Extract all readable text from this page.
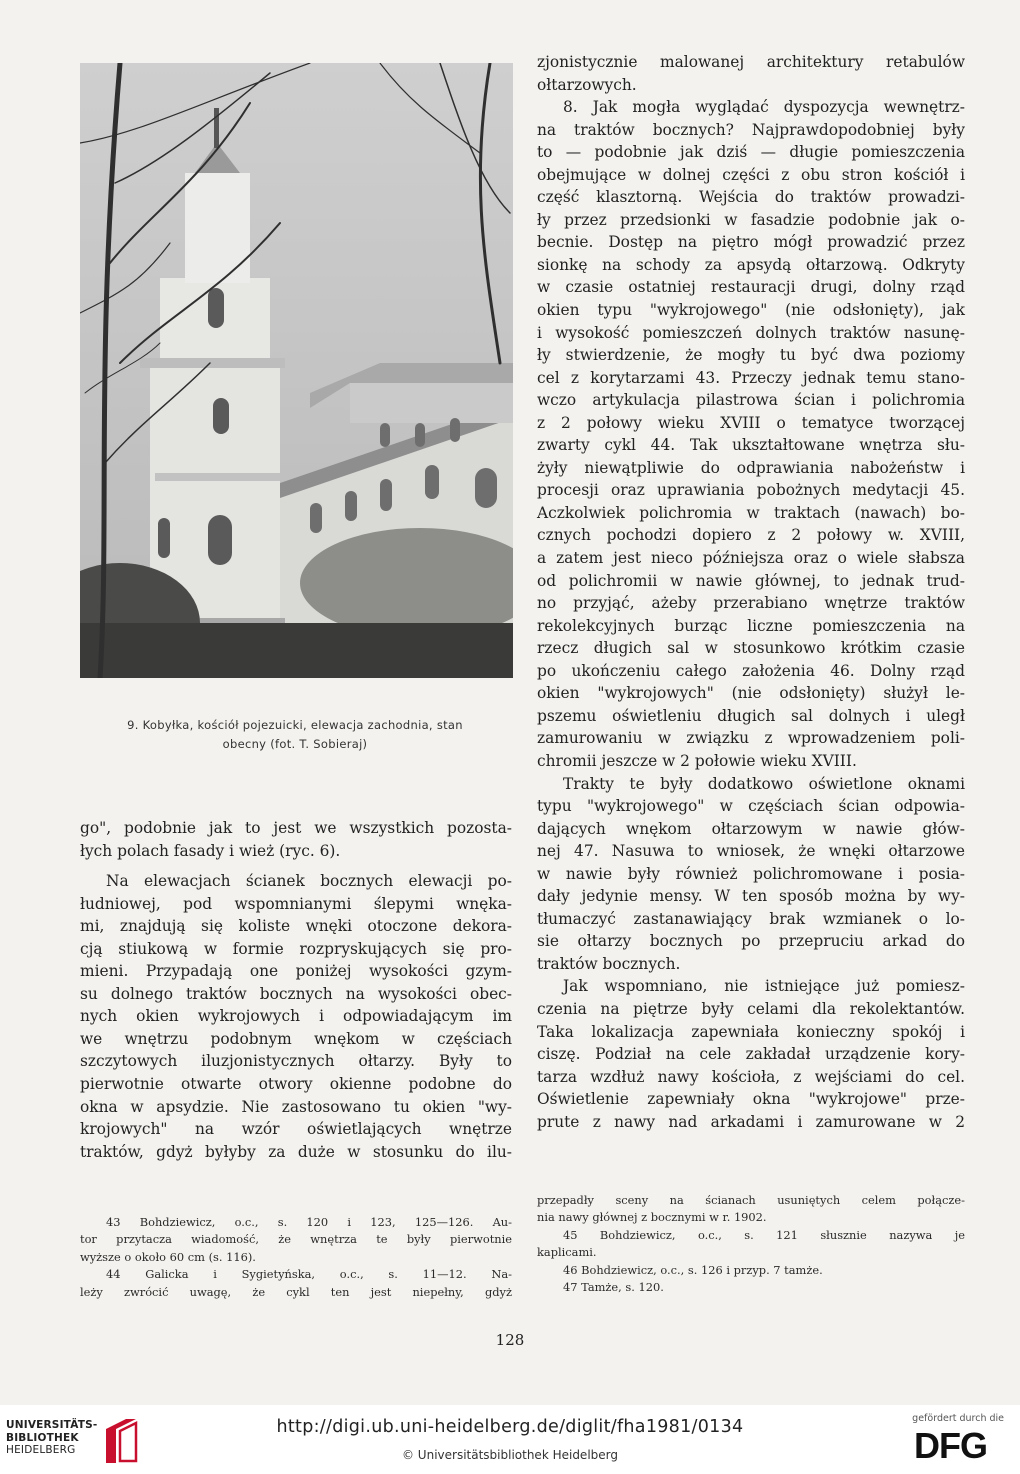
9. Kobyłka, kościół pojezuicki, elewacja zachodnia, stan
obecny (fot. T. Sobieraj)
go", podobnie jak to jest we wszystkich pozosta-
łych polach fasady i wież (ryc. 6).
Na elewacjach ścianek bocznych elewacji po-
łudniowej, pod wspomnianymi ślepymi wnęka-
mi, znajdują się koliste wnęki otoczone dekora-
cją stiukową w formie rozpryskujących się pro-
mieni. Przypadają one poniżej wysokości gzym-
su dolnego traktów bocznych na wysokości obec-
nych okien wykrojowych i odpowiadającym im
we wnętrzu podobnym wnękom w częściach
szczytowych iluzjonistycznych ołtarzy. Były to
pierwotnie otwarte otwory okienne podobne do
okna w apsydzie. Nie zastosowano tu okien "wy-
krojowych" na wzór oświetlających wnętrze
traktów, gdyż byłyby za duże w stosunku do ilu-
zjonistycznie malowanej architektury retabulów
ołtarzowych.
8. Jak mogła wyglądać dyspozycja wewnętrz-
na traktów bocznych? Najprawdopodobniej były
to — podobnie jak dziś — długie pomieszczenia
obejmujące w dolnej części z obu stron kościół i
część klasztorną. Wejścia do traktów prowadzi-
ły przez przedsionki w fasadzie podobnie jak o-
becnie. Dostęp na piętro mógł prowadzić przez
sionkę na schody za apsydą ołtarzową. Odkryty
w czasie ostatniej restauracji drugi, dolny rząd
okien typu "wykrojowego" (nie odsłonięty), jak
i wysokość pomieszczeń dolnych traktów nasunę-
ły stwierdzenie, że mogły tu być dwa poziomy
cel z korytarzami 43. Przeczy jednak temu stano-
wczo artykulacja pilastrowa ścian i polichromia
z 2 połowy wieku XVIII o tematyce tworzącej
zwarty cykl 44. Tak ukształtowane wnętrza słu-
żyły niewątpliwie do odprawiania nabożeństw i
procesji oraz uprawiania pobożnych medytacji 45.
Aczkolwiek polichromia w traktach (nawach) bo-
cznych pochodzi dopiero z 2 połowy w. XVIII,
a zatem jest nieco późniejsza oraz o wiele słabsza
od polichromii w nawie głównej, to jednak trud-
no przyjąć, ażeby przerabiano wnętrze traktów
rekolekcyjnych burząc liczne pomieszczenia na
rzecz długich sal w stosunkowo krótkim czasie
po ukończeniu całego założenia 46. Dolny rząd
okien "wykrojowych" (nie odsłonięty) służył le-
pszemu oświetleniu długich sal dolnych i uległ
zamurowaniu w związku z wprowadzeniem poli-
chromii jeszcze w 2 połowie wieku XVIII.
Trakty te były dodatkowo oświetlone oknami
typu "wykrojowego" w częściach ścian odpowia-
dających wnękom ołtarzowym w nawie głów-
nej 47. Nasuwa to wniosek, że wnęki ołtarzowe
w nawie były również polichromowane i posia-
dały jedynie mensy. W ten sposób można by wy-
tłumaczyć zastanawiający brak wzmianek o lo-
sie ołtarzy bocznych po przepruciu arkad do
traktów bocznych.
Jak wspomniano, nie istniejące już pomiesz-
czenia na piętrze były celami dla rekolektantów.
Taka lokalizacja zapewniała konieczny spokój i
ciszę. Podział na cele zakładał urządzenie kory-
tarza wzdłuż nawy kościoła, z wejściami do cel.
Oświetlenie zapewniały okna "wykrojowe" prze-
prute z nawy nad arkadami i zamurowane w 2
43 Bohdziewicz, o.c., s. 120 i 123, 125—126. Au-
tor przytacza wiadomość, że wnętrza te były pierwotnie
wyższe o około 60 cm (s. 116).
44 Galicka i Sygietyńska, o.c., s. 11—12. Na-
leży zwrócić uwagę, że cykl ten jest niepełny, gdyż
przepadły sceny na ścianach usuniętych celem połącze-
nia nawy głównej z bocznymi w r. 1902.
45 Bohdziewicz, o.c., s. 121 słusznie nazywa je
kaplicami.
46 Bohdziewicz, o.c., s. 126 i przyp. 7 tamże.
47 Tamże, s. 120.
128
UNIVERSITÄTS-
BIBLIOTHEK
HEIDELBERG
http://digi.ub.uni-heidelberg.de/diglit/fha1981/0134
© Universitätsbibliothek Heidelberg
gefördert durch die
DFG
